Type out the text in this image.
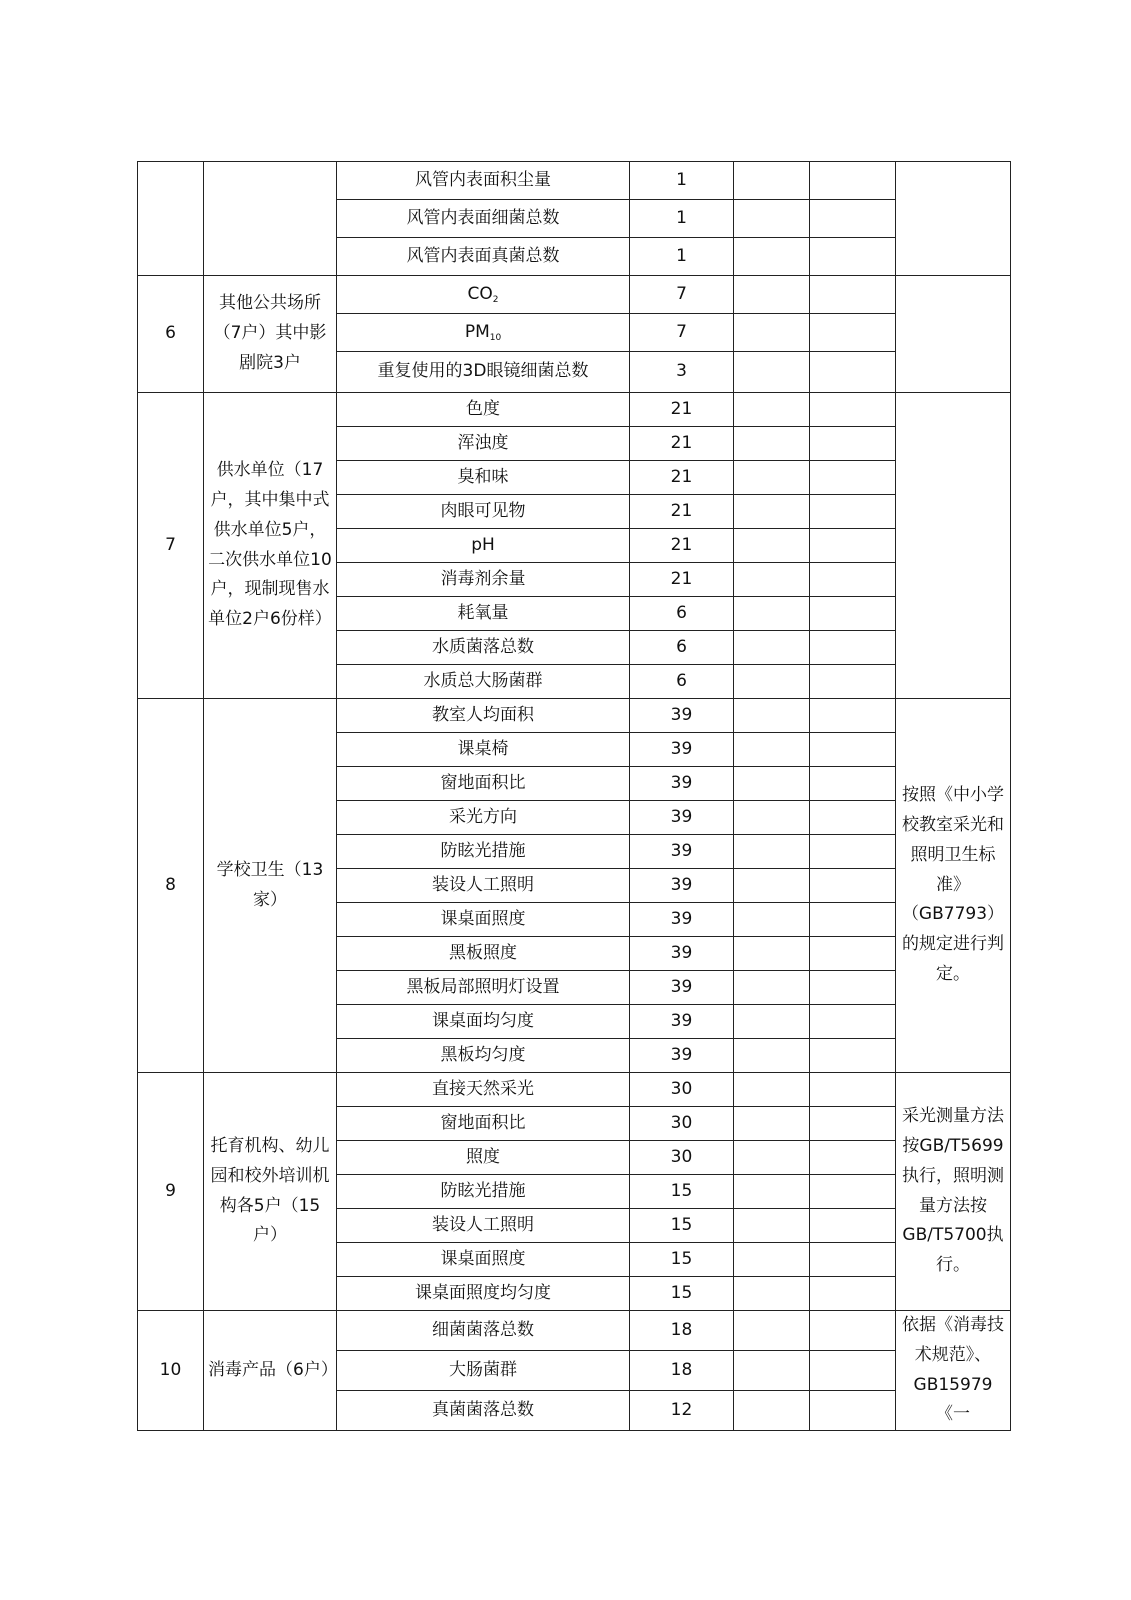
		风管内表面积尘量	1			
		风管内表面细菌总数	1			
		风管内表面真菌总数	1			
6	其他公共场所（7户）其中影剧院3户	$CO_2$	7			
		$PM_{10}$	7			
		重复使用的3D眼镜细菌总数	3			
7	供水单位（17户，其中集中式供水单位5户，二次供水单位10户，现制现售水单位2户6份样）	色度	21			
		浑浊度	21			
		臭和味	21			
		肉眼可见物	21			
		pH	21			
		消毒剂余量	21			
		耗氧量	6			
		水质菌落总数	6			
		水质总大肠菌群	6			
8	学校卫生（13家）	教室人均面积	39			按照《中小学校教室采光和照明卫生标准》（GB7793）的规定进行判定。
		课桌椅	39			
		窗地面积比	39			
		采光方向	39			
		防眩光措施	39			
		装设人工照明	39			
		课桌面照度	39			
		黑板照度	39			
		黑板局部照明灯设置	39			
		课桌面均匀度	39			
		黑板均匀度	39			
9	托育机构、幼儿园和校外培训机构各5户（15户）	直接天然采光	30			采光测量方法按GB/T5699执行，照明测量方法按GB/T5700执行。
		窗地面积比	30			
		照度	30			
		防眩光措施	15			
		装设人工照明	15			
		课桌面照度	15			
		课桌面照度均匀度	15			
10	消毒产品（6户）	细菌菌落总数	18			依据《消毒技术规范》、GB15979《一
		大肠菌群	18			
		真菌菌落总数	12			
